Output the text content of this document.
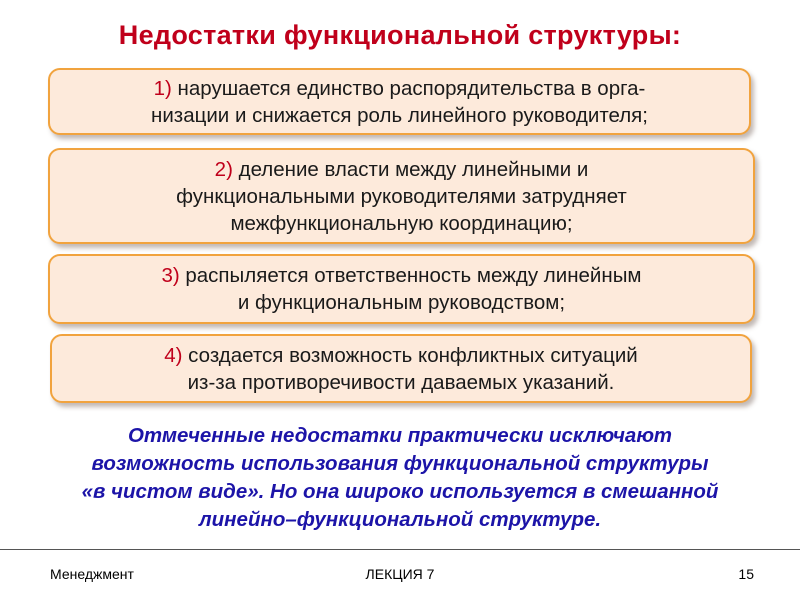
Недостатки функциональной структуры:
1) нарушается единство распорядительства в орга-
низации и снижается роль линейного руководителя;
2) деление власти между линейными и
функциональными руководителями затрудняет
межфункциональную координацию;
3) распыляется ответственность между линейным
и функциональным руководством;
4) создается возможность конфликтных ситуаций
из-за противоречивости даваемых указаний.
Отмеченные недостатки практически исключают
возможность использования функциональной структуры
«в чистом виде». Но она широко используется в смешанной
линейно–функциональной структуре.
Менеджмент	ЛЕКЦИЯ 7	15
